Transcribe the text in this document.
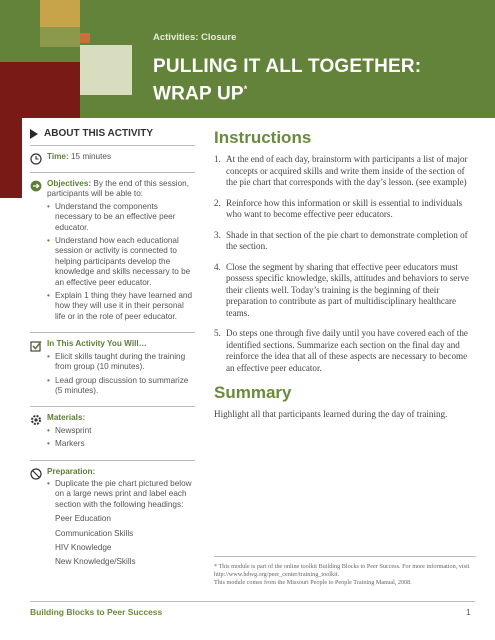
Activities: Closure
PULLING IT ALL TOGETHER:
WRAP UP*
ABOUT THIS ACTIVITY
Time: 15 minutes
Objectives: By the end of this session, participants will be able to:
• Understand the components necessary to be an effective peer educator.
• Understand how each educational session or activity is connected to helping participants develop the knowledge and skills necessary to be an effective peer educator.
• Explain 1 thing they have learned and how they will use it in their personal life or in the role of peer educator.
In This Activity You Will…
• Elicit skills taught during the training from group (10 minutes).
• Lead group discussion to summarize (5 minutes).
Materials:
• Newsprint
• Markers
Preparation:
• Duplicate the pie chart pictured below on a large news print and label each section with the following headings:
Peer Education
Communication Skills
HIV Knowledge
New Knowledge/Skills
Instructions
1. At the end of each day, brainstorm with participants a list of major concepts or acquired skills and write them inside of the section of the pie chart that corresponds with the day’s lesson. (see example)
2. Reinforce how this information or skill is essential to individuals who want to become effective peer educators.
3. Shade in that section of the pie chart to demonstrate completion of the section.
4. Close the segment by sharing that effective peer educators must possess specific knowledge, skills, attitudes and behaviors to serve their clients well. Today’s training is the beginning of their preparation to contribute as part of multidisciplinary healthcare teams.
5. Do steps one through five daily until you have covered each of the identified sections. Summarize each section on the final day and reinforce the idea that all of these aspects are necessary to become an effective peer educator.
Summary
Highlight all that participants learned during the day of training.
* This module is part of the online toolkit Building Blocks to Peer Success. For more information, visit http://www.hdwg.org/peer_center/training_toolkit.
This module comes from the Missouri People to People Training Manual, 2008.
Building Blocks to Peer Success	1
